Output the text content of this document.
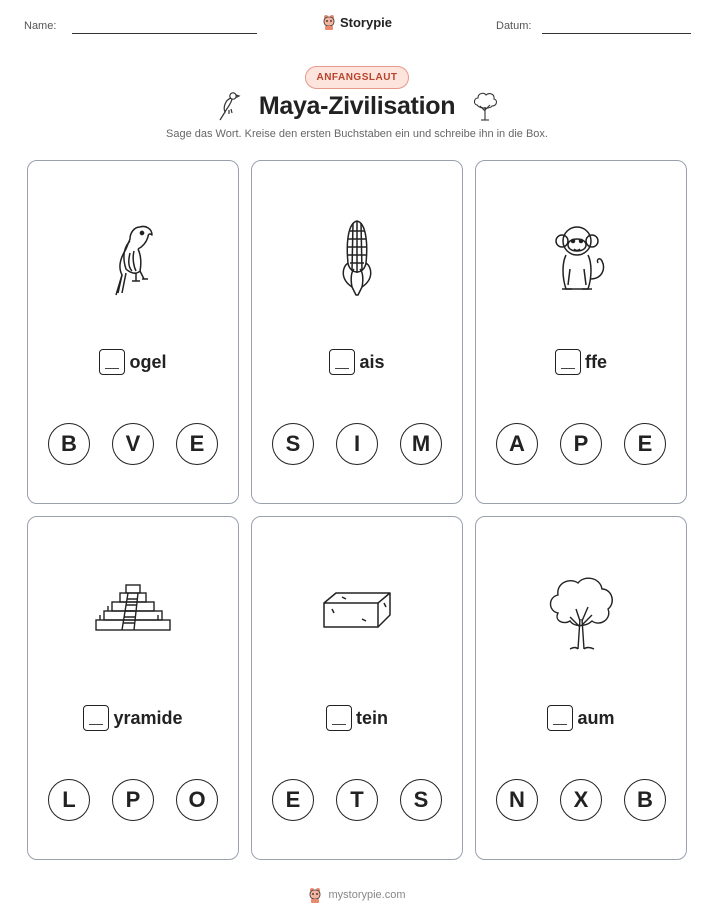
Name:	Storypie	Datum:
ANFANGSLAUT
Maya-Zivilisation
Sage das Wort. Kreise den ersten Buchstaben ein und schreibe ihn in die Box.
ogel
B	V	E
ais
S	I	M
ffe
A	P	E
yramide
L	P	O
tein
E	T	S
aum
N	X	B
mystorypie.com
